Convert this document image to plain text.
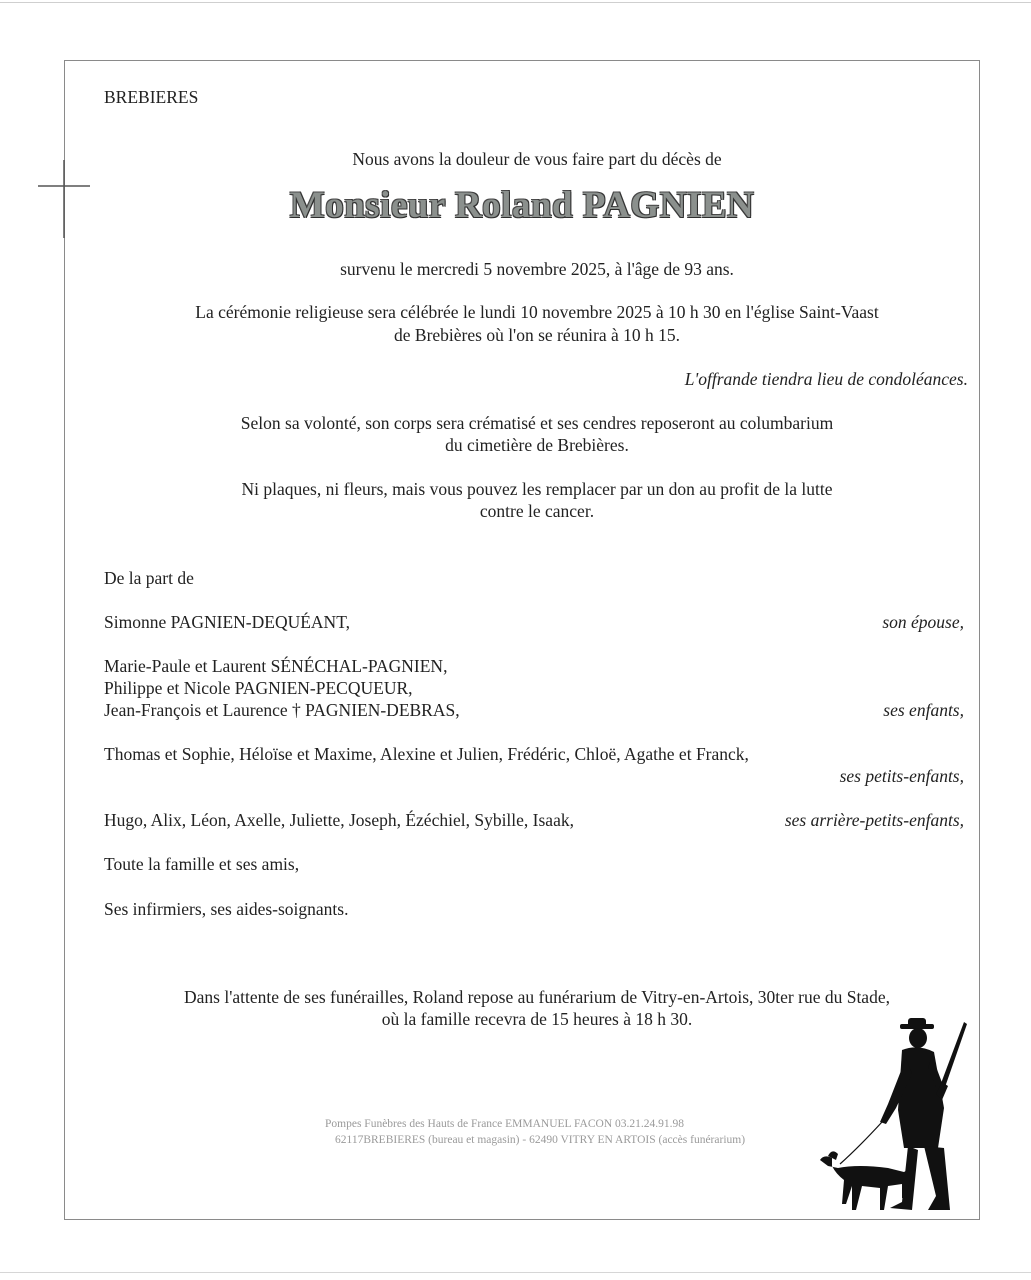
BREBIERES
Nous avons la douleur de vous faire part du décès de
Monsieur Roland PAGNIEN
survenu le mercredi 5 novembre 2025, à l'âge de 93 ans.
La cérémonie religieuse sera célébrée le lundi 10 novembre 2025 à 10 h 30 en l'église Saint-Vaast
de Brebières où l'on se réunira à 10 h 15.
L'offrande tiendra lieu de condoléances.
Selon sa volonté, son corps sera crématisé et ses cendres reposeront au columbarium
du cimetière de Brebières.
Ni plaques, ni fleurs, mais vous pouvez les remplacer par un don au profit de la lutte
contre le cancer.
De la part de
Simonne PAGNIEN-DEQUÉANT,	son épouse,
Marie-Paule et Laurent SÉNÉCHAL-PAGNIEN,
Philippe et Nicole PAGNIEN-PECQUEUR,
Jean-François et Laurence † PAGNIEN-DEBRAS,	ses enfants,
Thomas et Sophie, Héloïse et Maxime, Alexine et Julien, Frédéric, Chloë, Agathe et Franck,
ses petits-enfants,
Hugo, Alix, Léon, Axelle, Juliette, Joseph, Ézéchiel, Sybille, Isaak,	ses arrière-petits-enfants,
Toute la famille et ses amis,
Ses infirmiers, ses aides-soignants.
Dans l'attente de ses funérailles, Roland repose au funérarium de Vitry-en-Artois, 30ter rue du Stade,
où la famille recevra de 15 heures à 18 h 30.
Pompes Funèbres des Hauts de France EMMANUEL FACON 03.21.24.91.98
62117BREBIERES (bureau et magasin) - 62490 VITRY EN ARTOIS (accès funérarium)
